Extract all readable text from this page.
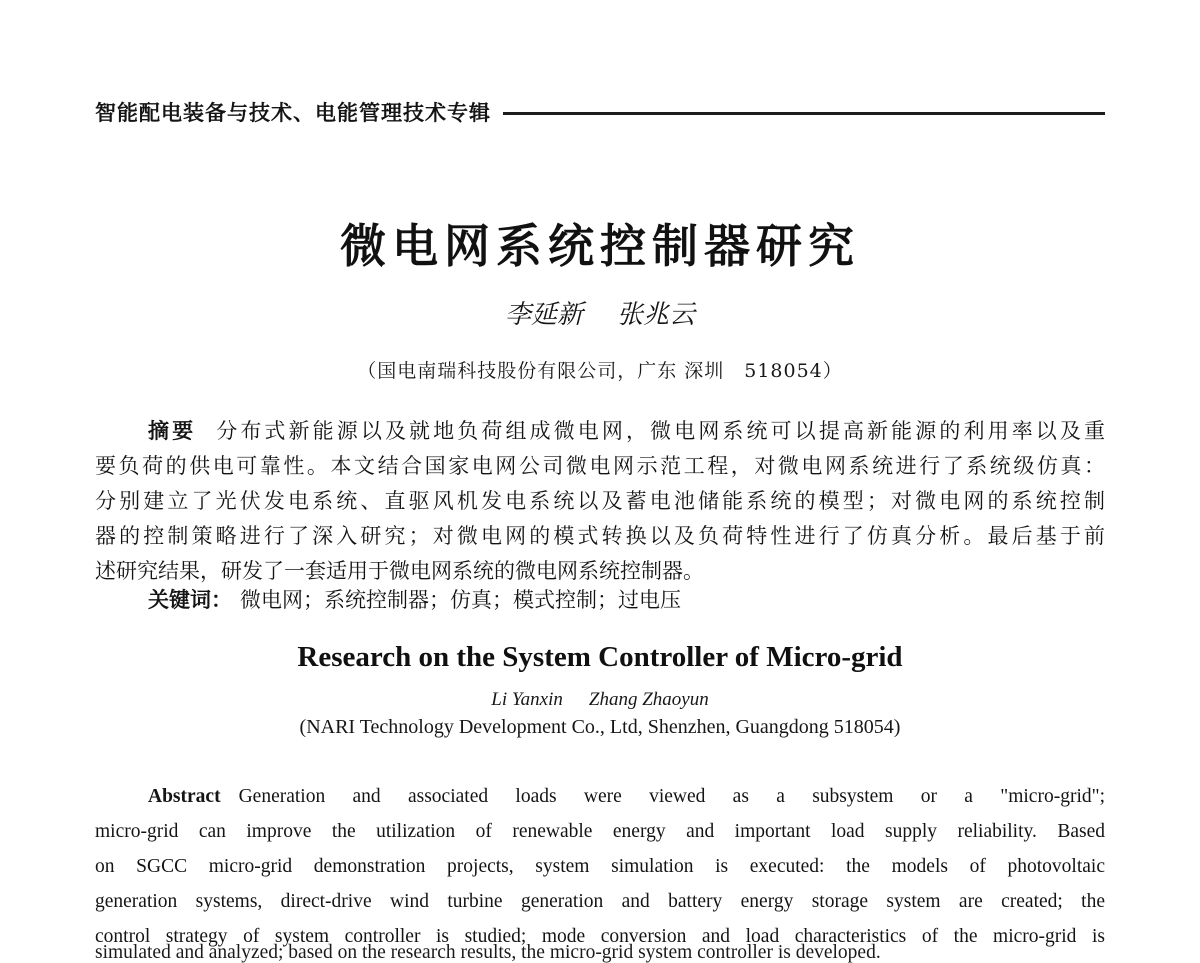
智能配电装备与技术、电能管理技术专辑
微电网系统控制器研究
李延新 张兆云
（国电南瑞科技股份有限公司，广东 深圳　518054）
摘要 分布式新能源以及就地负荷组成微电网，微电网系统可以提高新能源的利用率以及重
要负荷的供电可靠性。本文结合国家电网公司微电网示范工程，对微电网系统进行了系统级仿真：
分别建立了光伏发电系统、直驱风机发电系统以及蓄电池储能系统的模型；对微电网的系统控制
器的控制策略进行了深入研究；对微电网的模式转换以及负荷特性进行了仿真分析。最后基于前
述研究结果，研发了一套适用于微电网系统的微电网系统控制器。
关键词： 微电网；系统控制器；仿真；模式控制；过电压
Research on the System Controller of Micro-grid
Li Yanxin Zhang Zhaoyun
(NARI Technology Development Co., Ltd, Shenzhen, Guangdong 518054)
Abstract Generation and associated loads were viewed as a subsystem or a "micro-grid";
micro-grid can improve the utilization of renewable energy and important load supply reliability. Based
on SGCC micro-grid demonstration projects, system simulation is executed: the models of photovoltaic
generation systems, direct-drive wind turbine generation and battery energy storage system are created; the
control strategy of system controller is studied; mode conversion and load characteristics of the micro-grid is
simulated and analyzed; based on the research results, the micro-grid system controller is developed.
